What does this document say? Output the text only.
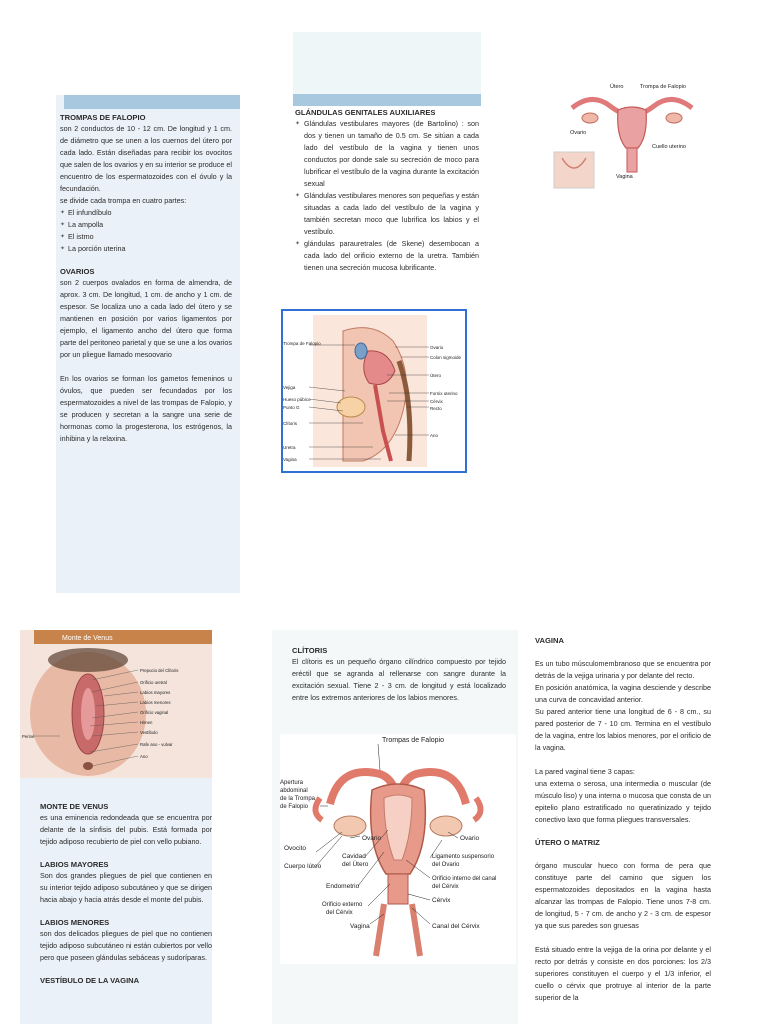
TROMPAS DE FALOPIO

son 2 conductos de 10 - 12 cm. De longitud y 1 cm. de diámetro que se unen a los cuernos del útero por cada lado. Están diseñadas para recibir los ovocitos que salen de los ovarios y en su interior se produce el encuentro de los espermatozoides con el óvulo y la fecundación.

se divide cada trompa en cuatro partes:

✦ El infundíbulo
✦ La ampolla
✦ El istmo
✦ La porción uterina
OVARIOS

son 2 cuerpos ovalados en forma de almendra, de aprox. 3 cm. De longitud, 1 cm. de ancho y 1 cm. de espesor. Se localiza uno a cada lado del útero y se mantienen en posición por varios ligamentos por ejemplo, el ligamento ancho del útero que forma parte del peritoneo parietal y que se une a los ovarios por un pliegue llamado mesoovario

En los ovarios se forman los gametos femeninos u óvulos, que pueden ser fecundados por los espermatozoides a nivel de las trompas de Falopio, y se producen y secretan a la sangre una serie de hormonas como la progesterona, los estrógenos, la inhibina y la relaxina.

GLÁNDULAS GENITALES AUXILIARES
✦ Glándulas vestibulares mayores (de Bartolino) : son dos y tienen un tamaño de 0.5 cm. Se sitúan a cada lado del vestíbulo de la vagina y tienen unos conductos por donde sale su secreción de moco para lubrificar el vestíbulo de la vagina durante la excitación sexual
✦ Glándulas vestibulares menores son pequeñas y están situadas a cada lado del vestíbulo de la vagina y también secretan moco que lubrifica los labios y el vestíbulo.
✦ glándulas parauretrales (de Skene) desembocan a cada lado del orificio externo de la uretra. También tienen una secreción mucosa lubrificante.
Útero	Trompa de Falopio
Ovario
Cuello uterino
Vagina
Trompa de Falopio
Ovario
Colon sigmoide
Útero
Fornix uterino
Cérvix
Recto
Vejiga
Hueso púbico
Punto G
Clítoris
Ano
Uretra
Vagina
Monte de Venus
Prepucio del Clítoris
Orificio uretral
Labios mayores
Labios menores
Orificio vaginal
Himen
Vestíbulo
Rafe ano - vulvar
Ano
Periné
MONTE DE VENUS

es una eminencia redondeada que se encuentra por delante de la sínfisis del pubis. Está formada por tejido adiposo recubierto de piel con vello pubiano.

LABIOS MAYORES

Son dos grandes pliegues de piel que contienen en su interior tejido adiposo subcutáneo y que se dirigen hacia abajo y hacia atrás desde el monte del pubis.

LABIOS MENORES

son dos delicados pliegues de piel que no contienen tejido adiposo subcutáneo ni están cubiertos por vello pero que poseen glándulas sebáceas y sudoríparas.

VESTÍBULO DE LA VAGINA
CLÍTORIS

El clítoris es un pequeño órgano cilíndrico compuesto por tejido eréctil que se agranda al rellenarse con sangre durante la excitación sexual. Tiene 2 - 3 cm. de longitud y está localizado entre los extremos anteriores de los labios menores.

Trompas de Falopio
Apertura abdominal de la Trompa de Falopio
Ovario	Ovario
Ovocito
Cuerpo lúteo
Cavidad del Útero
Ligamento suspensorio del Ovario
Endometrio
Orificio interno del canal del Cérvix
Orificio externo del Cérvix
Cérvix
Vagina	Canal del Cérvix
VAGINA

Es un tubo músculomembranoso que se encuentra por detrás de la vejiga urinaria y por delante del recto.

En posición anatómica, la vagina desciende y describe una curva de concavidad anterior.

Su pared anterior tiene una longitud de 6 - 8 cm., su pared posterior de 7 - 10 cm. Termina en el vestíbulo de la vagina, entre los labios menores, por el orificio de la vagina.

La pared vaginal tiene 3 capas:

una externa o serosa, una intermedia o muscular (de músculo liso) y una interna o mucosa que consta de un epitelio plano estratificado no queratinizado y tejido conectivo laxo que forma pliegues transversales.

ÚTERO O MATRIZ

órgano muscular hueco con forma de pera que constituye parte del camino que siguen los espermatozoides depositados en la vagina hasta alcanzar las trompas de Falopio. Tiene unos 7-8 cm. de longitud, 5 - 7 cm. de ancho y 2 - 3 cm. de espesor ya que sus paredes son gruesas

Está situado entre la vejiga de la orina por delante y el recto por detrás y consiste en dos porciones: los 2/3 superiores constituyen el cuerpo y el 1/3 inferior, el cuello o cérvix que protruye al interior de la parte superior de la
